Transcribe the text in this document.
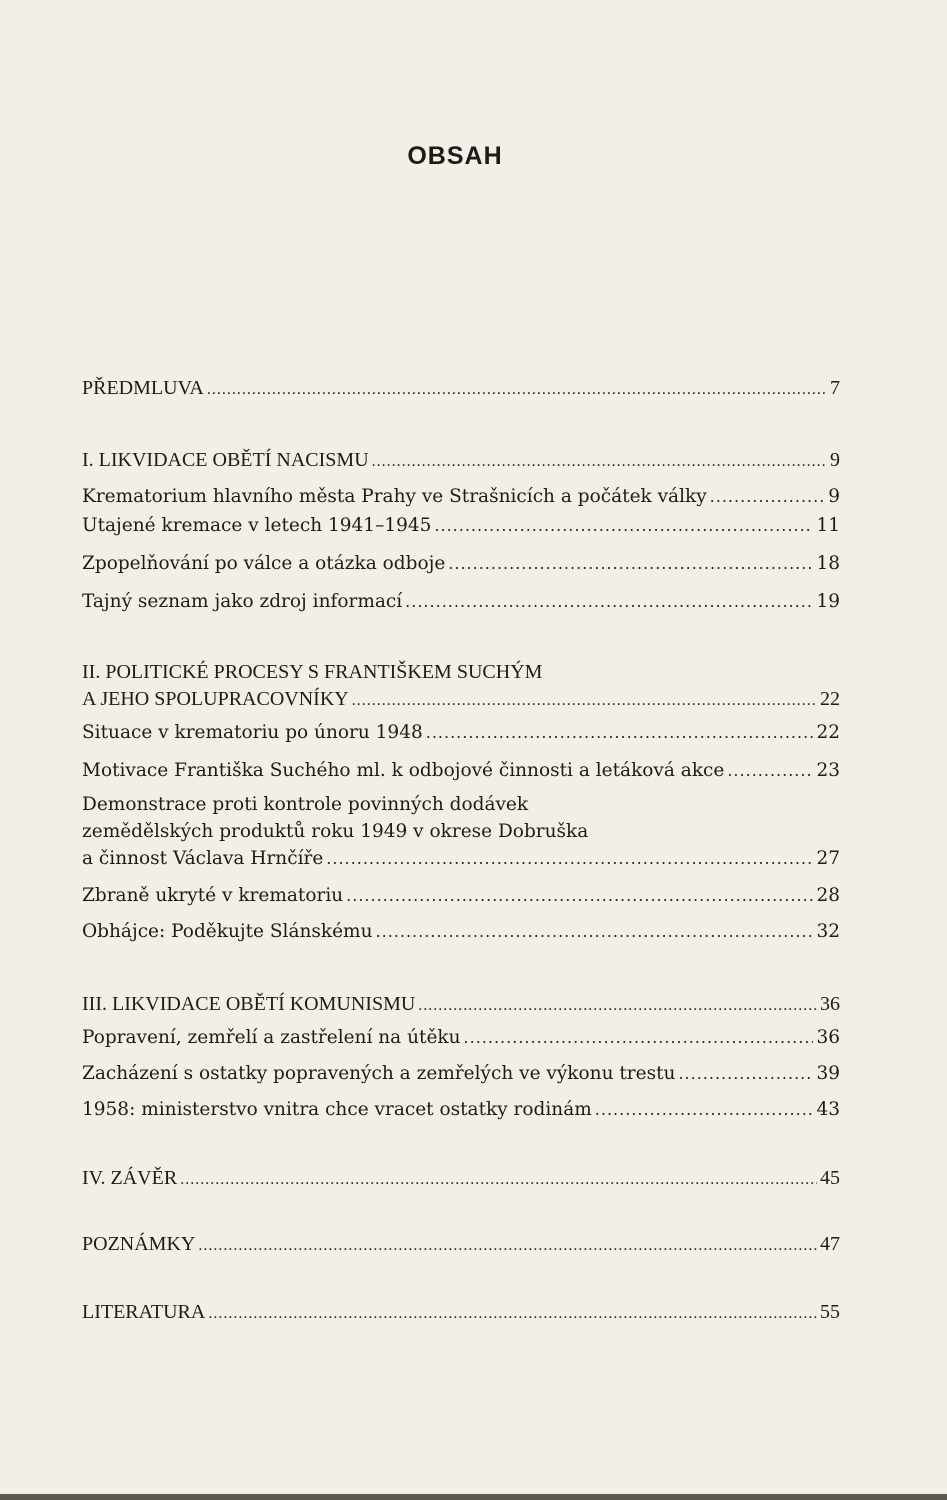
OBSAH
PŘEDMLUVA .....	7
I. LIKVIDACE OBĚTÍ NACISMU .....	9
Krematorium hlavního města Prahy ve Strašnicích a počátek války .....	9
Utajené kremace v letech 1941–1945 .....	11
Zpopelňování po válce a otázka odboje .....	18
Tajný seznam jako zdroj informací .....	19
II. POLITICKÉ PROCESY S FRANTIŠKEM SUCHÝM
A JEHO SPOLUPRACOVNÍKY .....	22
Situace v krematoriu po únoru 1948 .....	22
Motivace Františka Suchého ml. k odbojové činnosti a letáková akce .....	23
Demonstrace proti kontrole povinných dodávek
zemědělských produktů roku 1949 v okrese Dobruška
a činnost Václava Hrnčíře .....	27
Zbraně ukryté v krematoriu .....	28
Obhájce: Poděkujte Slánskému .....	32
III. LIKVIDACE OBĚTÍ KOMUNISMU .....	36
Popravení, zemřelí a zastřelení na útěku .....	36
Zacházení s ostatky popravených a zemřelých ve výkonu trestu .....	39
1958: ministerstvo vnitra chce vracet ostatky rodinám .....	43
IV. ZÁVĚR .....	45
POZNÁMKY .....	47
LITERATURA .....	55
